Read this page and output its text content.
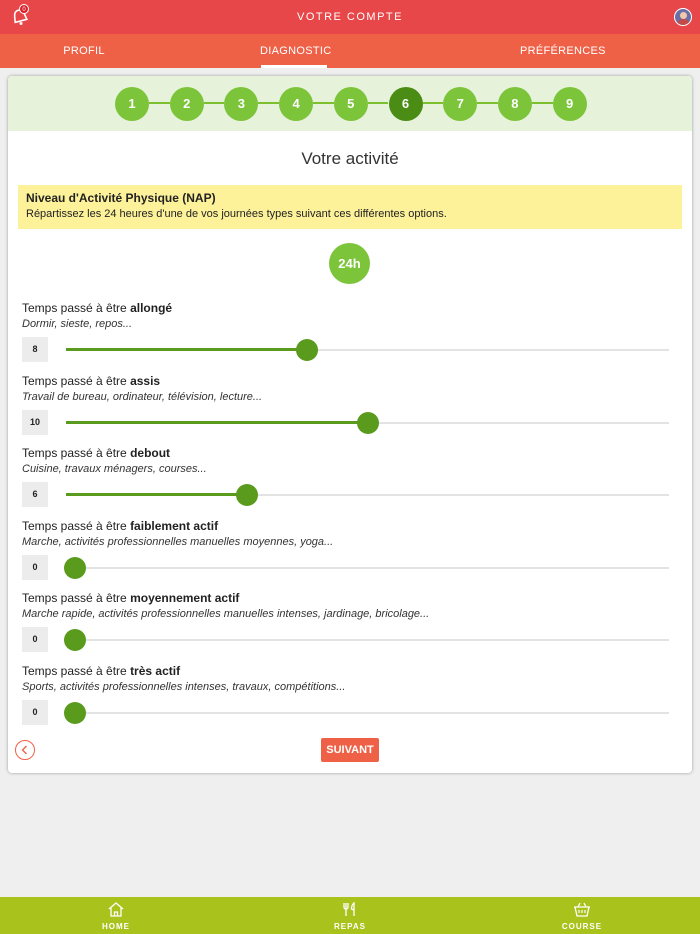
0
VOTRE COMPTE
PROFIL	DIAGNOSTIC	PRÉFÉRENCES
1	2	3	4	5	6	7	8	9
Votre activité
Niveau d'Activité Physique (NAP)
Répartissez les 24 heures d'une de vos journées types suivant ces différentes options.
24h
Temps passé à être allongé
Dormir, sieste, repos...
8
Temps passé à être assis
Travail de bureau, ordinateur, télévision, lecture...
10
Temps passé à être debout
Cuisine, travaux ménagers, courses...
6
Temps passé à être faiblement actif
Marche, activités professionnelles manuelles moyennes, yoga...
0
Temps passé à être moyennement actif
Marche rapide, activités professionnelles manuelles intenses, jardinage, bricolage...
0
Temps passé à être très actif
Sports, activités professionnelles intenses, travaux, compétitions...
0
SUIVANT
HOME	REPAS	COURSE
